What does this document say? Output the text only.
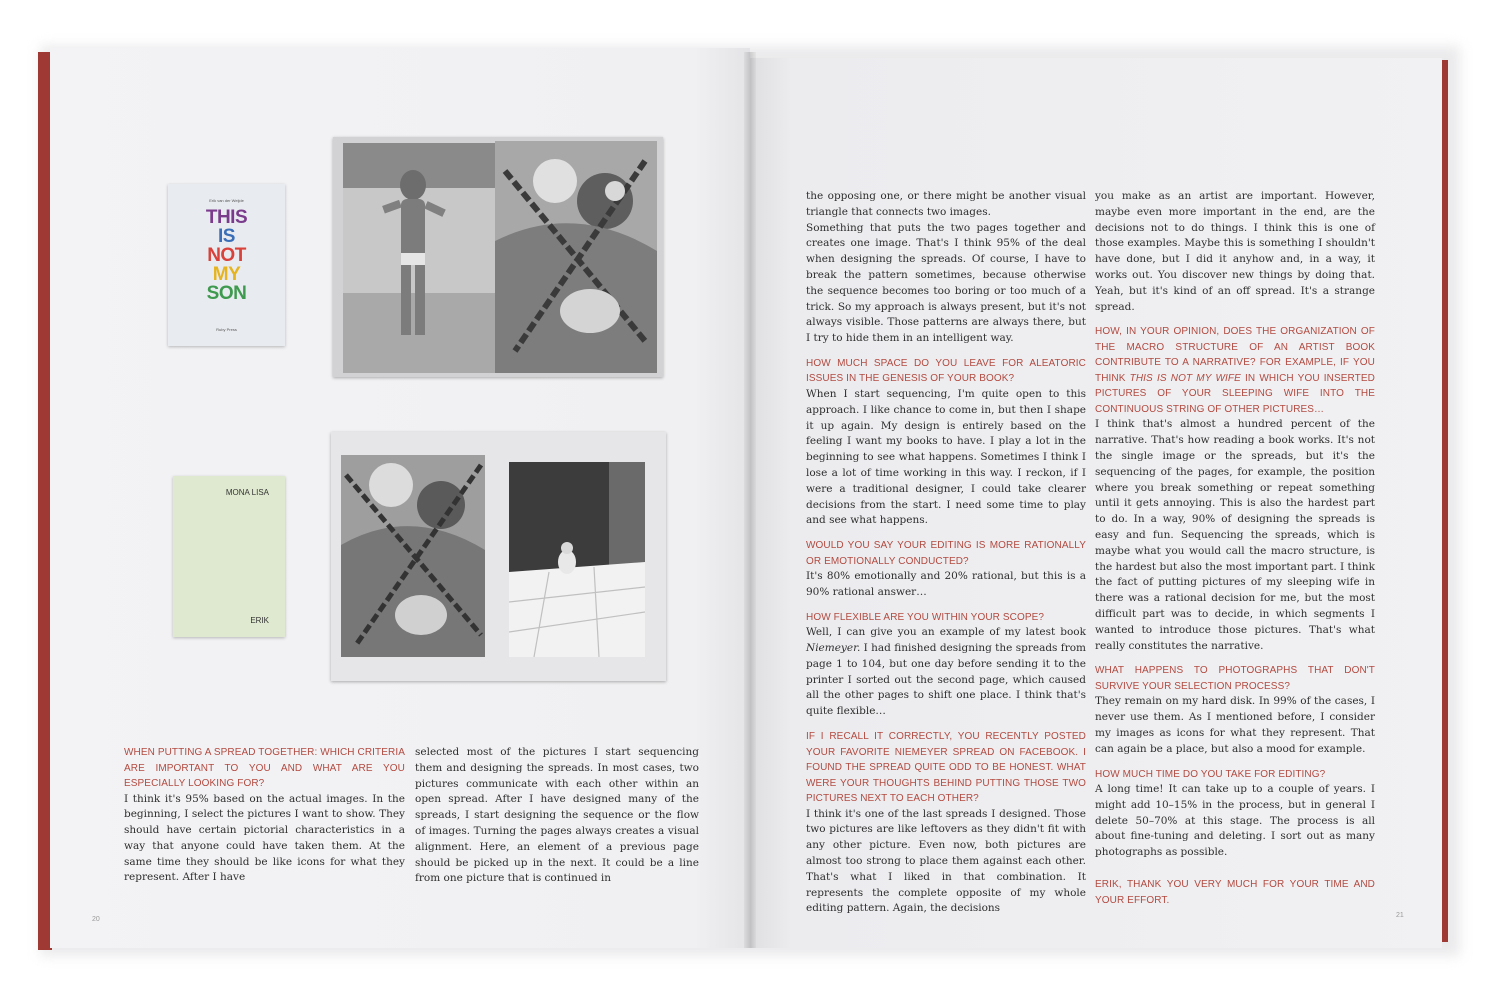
Erik van der Weijde
THIS
IS
NOT
MY
SON
Ruby Press
MONA LISA
ERIK

WHEN PUTTING A SPREAD TOGETHER: WHICH CRITERIA ARE IMPORTANT TO YOU AND WHAT ARE YOU ESPECIALLY LOOKING FOR?

I think it's 95% based on the actual images. In the beginning, I select the pictures I want to show. They should have certain pictorial characteristics in a way that anyone could have taken them. At the same time they should be like icons for what they represent. After I have

selected most of the pictures I start sequencing them and designing the spreads. In most cases, two pictures communicate with each other within an open spread. After I have designed many of the spreads, I start designing the sequence or the flow of images. Turning the pages always creates a visual alignment. Here, an element of a previous page should be picked up in the next. It could be a line from one picture that is continued in

the opposing one, or there might be another visual triangle that connects two images.

Something that puts the two pages together and creates one image. That's I think 95% of the deal when designing the spreads. Of course, I have to break the pattern sometimes, because otherwise the sequence becomes too boring or too much of a trick. So my approach is always present, but it's not always visible. Those patterns are always there, but I try to hide them in an intelligent way.

HOW MUCH SPACE DO YOU LEAVE FOR ALEATORIC ISSUES IN THE GENESIS OF YOUR BOOK?

When I start sequencing, I'm quite open to this approach. I like chance to come in, but then I shape it up again. My design is entirely based on the feeling I want my books to have. I play a lot in the beginning to see what happens. Sometimes I think I lose a lot of time working in this way. I reckon, if I were a traditional designer, I could take clearer decisions from the start. I need some time to play and see what happens.

WOULD YOU SAY YOUR EDITING IS MORE RATIONALLY OR EMOTIONALLY CONDUCTED?

It's 80% emotionally and 20% rational, but this is a 90% rational answer…

HOW FLEXIBLE ARE YOU WITHIN YOUR SCOPE?

Well, I can give you an example of my latest book Niemeyer. I had finished designing the spreads from page 1 to 104, but one day before sending it to the printer I sorted out the second page, which caused all the other pages to shift one place. I think that's quite flexible…

IF I RECALL IT CORRECTLY, YOU RECENTLY POSTED YOUR FAVORITE NIEMEYER SPREAD ON FACEBOOK. I FOUND THE SPREAD QUITE ODD TO BE HONEST. WHAT WERE YOUR THOUGHTS BEHIND PUTTING THOSE TWO PICTURES NEXT TO EACH OTHER?

I think it's one of the last spreads I designed. Those two pictures are like leftovers as they didn't fit with any other picture. Even now, both pictures are almost too strong to place them against each other. That's what I liked in that combination. It represents the complete opposite of my whole editing pattern. Again, the decisions

you make as an artist are important. However, maybe even more important in the end, are the decisions not to do things. I think this is one of those examples. Maybe this is something I shouldn't have done, but I did it anyhow and, in a way, it works out. You discover new things by doing that. Yeah, but it's kind of an off spread. It's a strange spread.

HOW, IN YOUR OPINION, DOES THE ORGANIZATION OF THE MACRO STRUCTURE OF AN ARTIST BOOK CONTRIBUTE TO A NARRATIVE? FOR EXAMPLE, IF YOU THINK THIS IS NOT MY WIFE IN WHICH YOU INSERTED PICTURES OF YOUR SLEEPING WIFE INTO THE CONTINUOUS STRING OF OTHER PICTURES…

I think that's almost a hundred percent of the narrative. That's how reading a book works. It's not the single image or the spreads, but it's the sequencing of the pages, for example, the position where you break something or repeat something until it gets annoying. This is also the hardest part to do. In a way, 90% of designing the spreads is easy and fun. Sequencing the spreads, which is maybe what you would call the macro structure, is the hardest but also the most important part. I think the fact of putting pictures of my sleeping wife in there was a rational decision for me, but the most difficult part was to decide, in which segments I wanted to introduce those pictures. That's what really constitutes the narrative.

WHAT HAPPENS TO PHOTOGRAPHS THAT DON'T SURVIVE YOUR SELECTION PROCESS?

They remain on my hard disk. In 99% of the cases, I never use them. As I mentioned before, I consider my images as icons for what they represent. That can again be a place, but also a mood for example.

HOW MUCH TIME DO YOU TAKE FOR EDITING?

A long time! It can take up to a couple of years. I might add 10–15% in the process, but in general I delete 50–70% at this stage. The process is all about fine-tuning and deleting. I sort out as many photographs as possible.

ERIK, THANK YOU VERY MUCH FOR YOUR TIME AND YOUR EFFORT.

20
21
